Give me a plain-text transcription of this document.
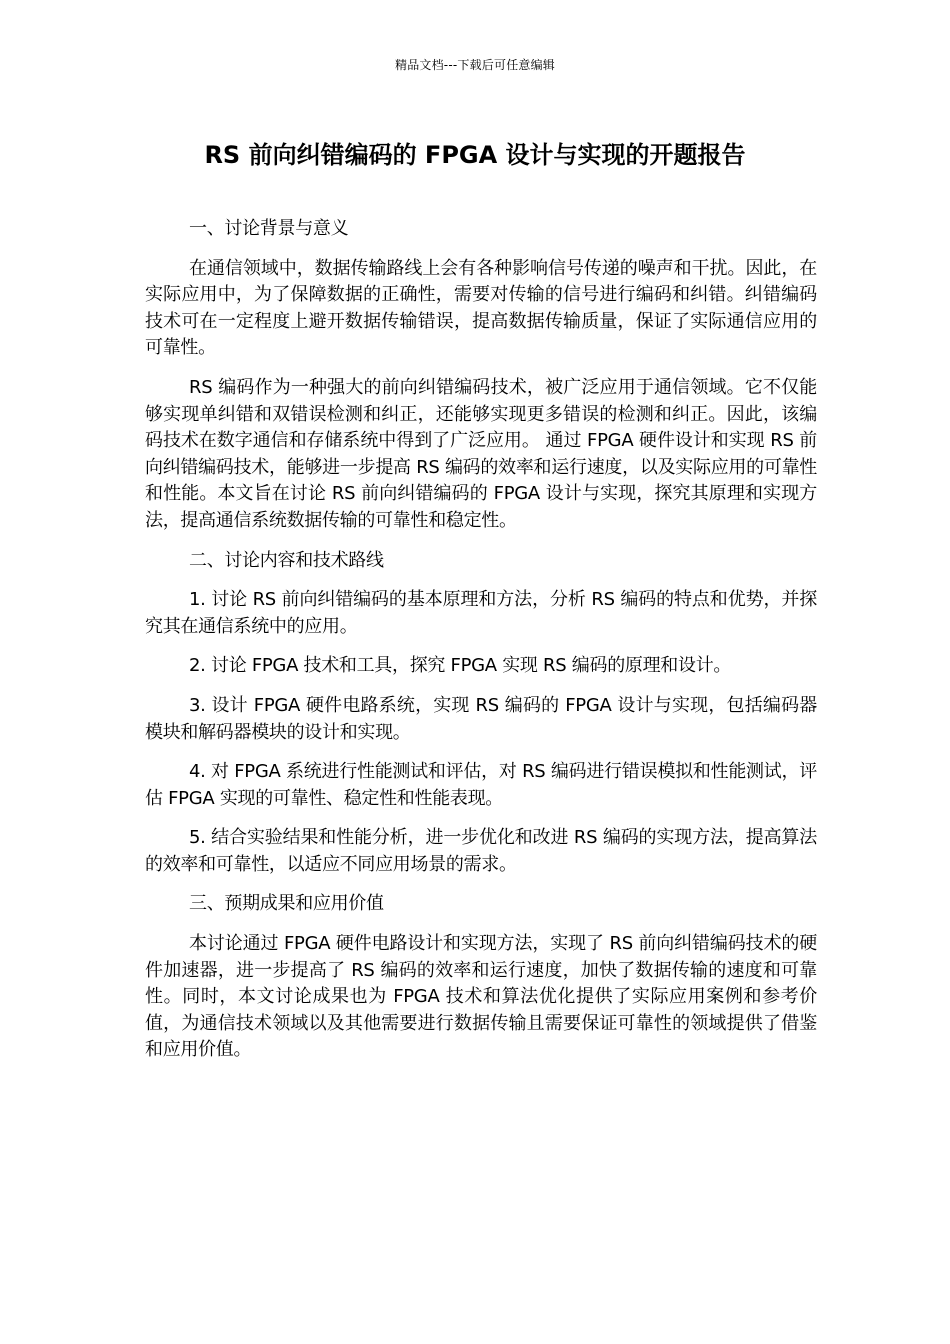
精品文档---下载后可任意编辑
RS 前向纠错编码的 FPGA 设计与实现的开题报告

一、讨论背景与意义

在通信领域中，数据传输路线上会有各种影响信号传递的噪声和干扰。因此，在实际应用中，为了保障数据的正确性，需要对传输的信号进行编码和纠错。纠错编码技术可在一定程度上避开数据传输错误，提高数据传输质量，保证了实际通信应用的可靠性。

RS 编码作为一种强大的前向纠错编码技术，被广泛应用于通信领域。它不仅能够实现单纠错和双错误检测和纠正，还能够实现更多错误的检测和纠正。因此，该编码技术在数字通信和存储系统中得到了广泛应用。 通过 FPGA 硬件设计和实现 RS 前向纠错编码技术，能够进一步提高 RS 编码的效率和运行速度，以及实际应用的可靠性和性能。本文旨在讨论 RS 前向纠错编码的 FPGA 设计与实现，探究其原理和实现方法，提高通信系统数据传输的可靠性和稳定性。

二、讨论内容和技术路线

1. 讨论 RS 前向纠错编码的基本原理和方法，分析 RS 编码的特点和优势，并探究其在通信系统中的应用。

2. 讨论 FPGA 技术和工具，探究 FPGA 实现 RS 编码的原理和设计。

3. 设计 FPGA 硬件电路系统，实现 RS 编码的 FPGA 设计与实现，包括编码器模块和解码器模块的设计和实现。

4. 对 FPGA 系统进行性能测试和评估，对 RS 编码进行错误模拟和性能测试，评估 FPGA 实现的可靠性、稳定性和性能表现。

5. 结合实验结果和性能分析，进一步优化和改进 RS 编码的实现方法，提高算法的效率和可靠性，以适应不同应用场景的需求。

三、预期成果和应用价值

本讨论通过 FPGA 硬件电路设计和实现方法，实现了 RS 前向纠错编码技术的硬件加速器，进一步提高了 RS 编码的效率和运行速度，加快了数据传输的速度和可靠性。同时，本文讨论成果也为 FPGA 技术和算法优化提供了实际应用案例和参考价值，为通信技术领域以及其他需要进行数据传输且需要保证可靠性的领域提供了借鉴和应用价值。
